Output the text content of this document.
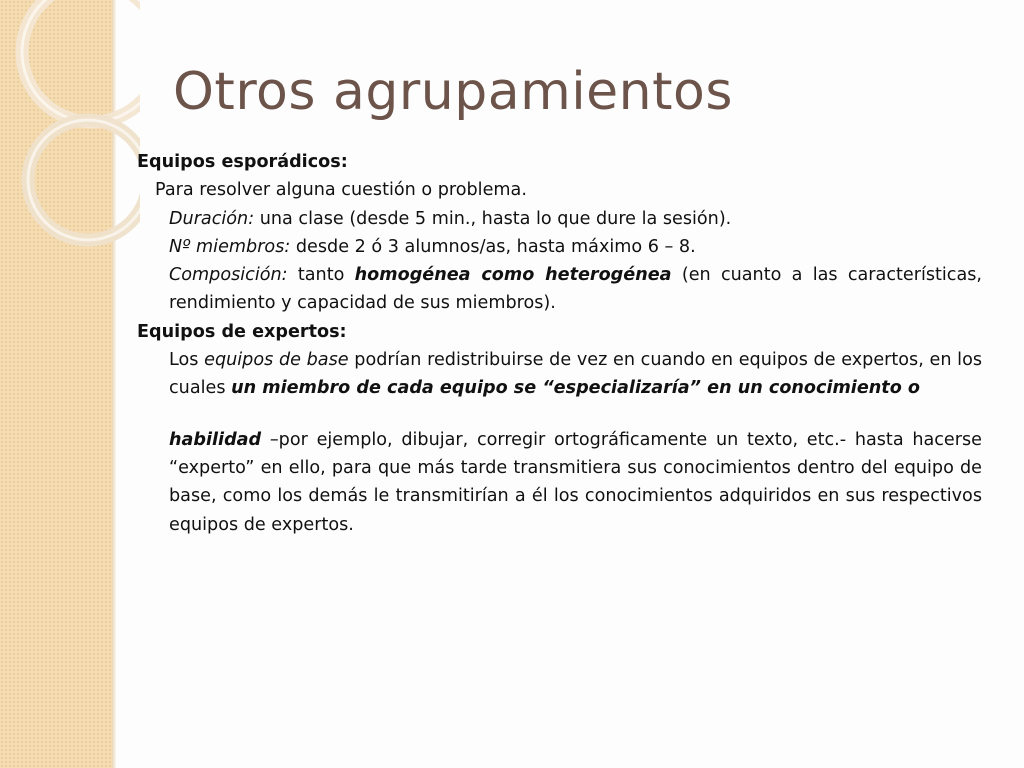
Otros agrupamientos

Equipos esporádicos:

Para resolver alguna cuestión o problema.

Duración: una clase (desde 5 min., hasta lo que dure la sesión).

Nº miembros: desde 2 ó 3 alumnos/as, hasta máximo 6 – 8.

Composición: tanto homogénea como heterogénea (en cuanto a las características, rendimiento y capacidad de sus miembros).

Equipos de expertos:

Los equipos de base podrían redistribuirse de vez en cuando en equipos de expertos, en los cuales un miembro de cada equipo se “especializaría” en un conocimiento o

habilidad –por ejemplo, dibujar, corregir ortográficamente un texto, etc.- hasta hacerse “experto” en ello, para que más tarde transmitiera sus conocimientos dentro del equipo de base, como los demás le transmitirían a él los conocimientos adquiridos en sus respectivos equipos de expertos.
